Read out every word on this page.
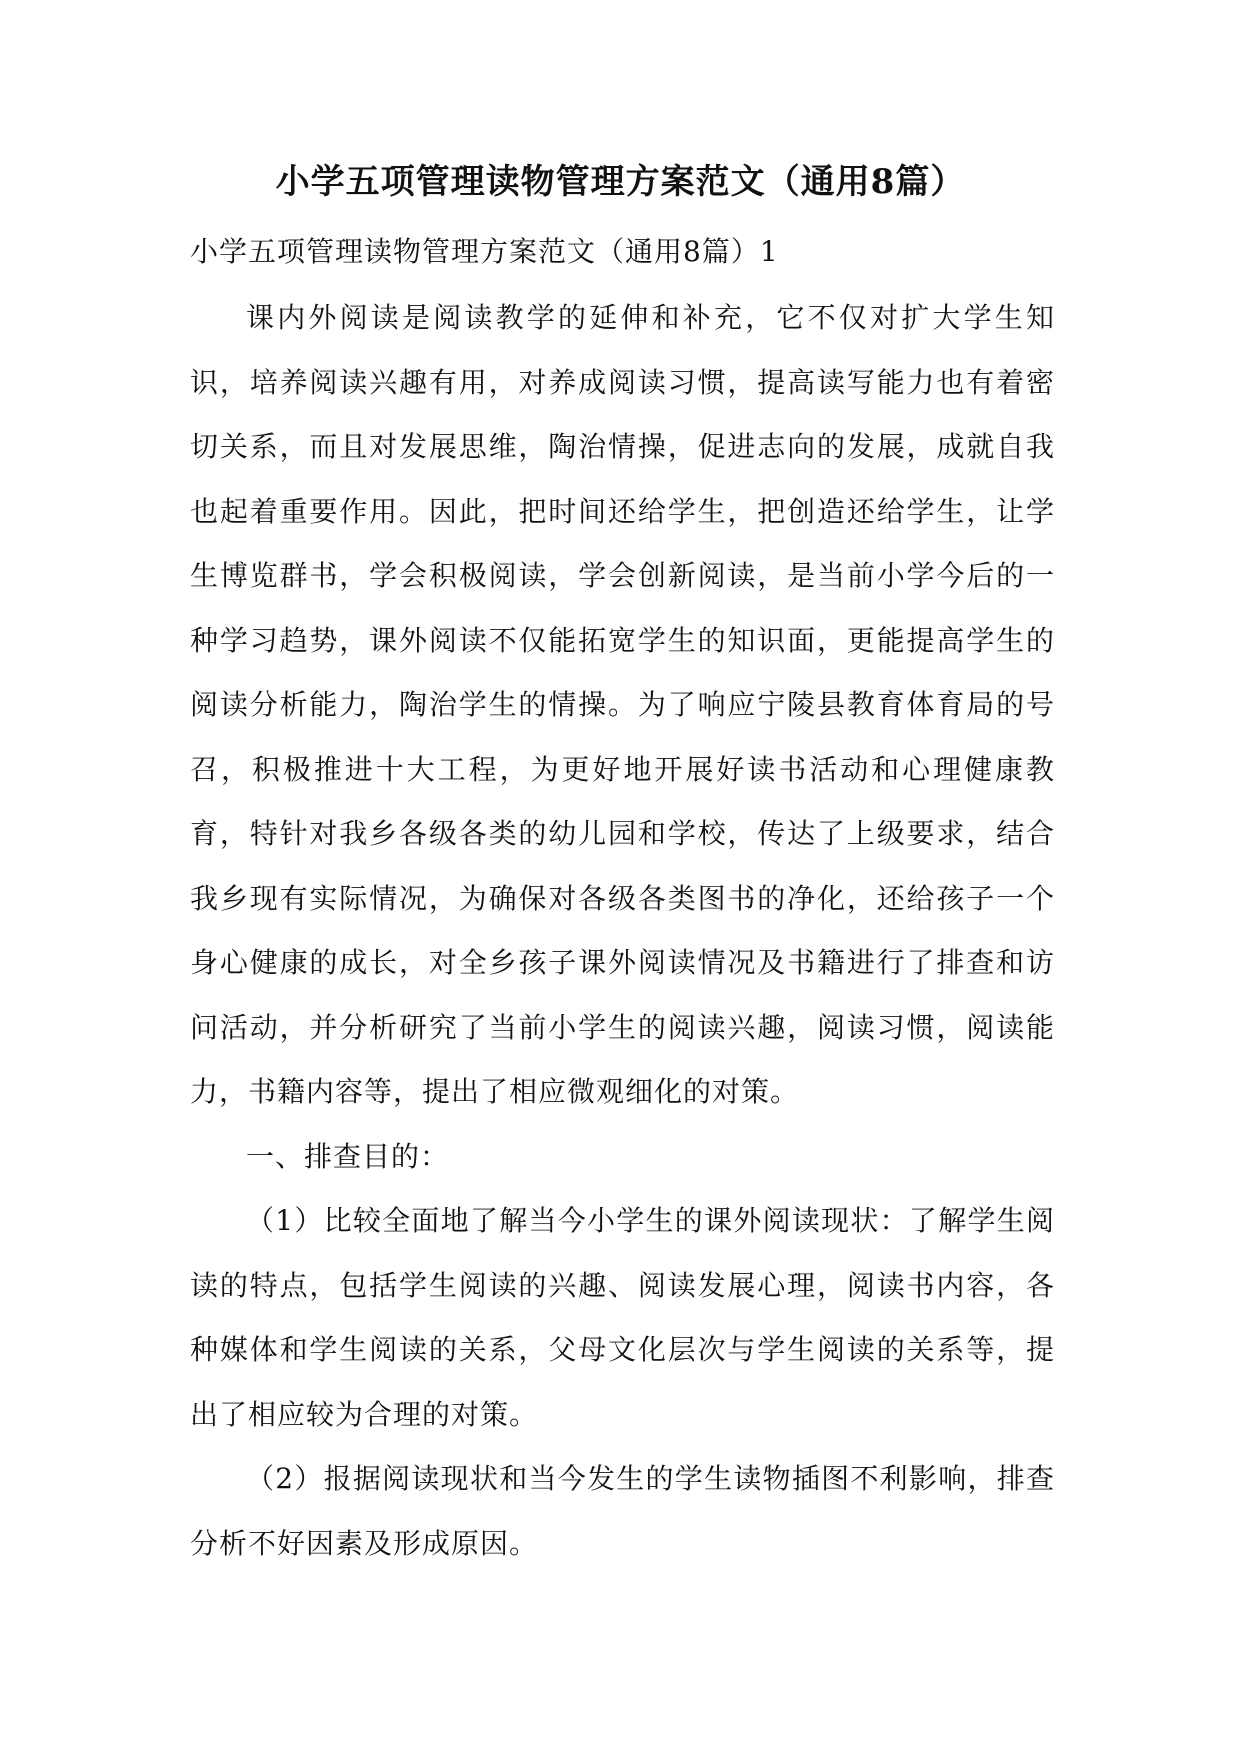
小学五项管理读物管理方案范文（通用8篇）

小学五项管理读物管理方案范文（通用8篇）1

课内外阅读是阅读教学的延伸和补充，它不仅对扩大学生知识，培养阅读兴趣有用，对养成阅读习惯，提高读写能力也有着密切关系，而且对发展思维，陶治情操，促进志向的发展，成就自我也起着重要作用。因此，把时间还给学生，把创造还给学生，让学生博览群书，学会积极阅读，学会创新阅读，是当前小学今后的一种学习趋势，课外阅读不仅能拓宽学生的知识面，更能提高学生的阅读分析能力，陶治学生的情操。为了响应宁陵县教育体育局的号召，积极推进十大工程，为更好地开展好读书活动和心理健康教育，特针对我乡各级各类的幼儿园和学校，传达了上级要求，结合我乡现有实际情况，为确保对各级各类图书的净化，还给孩子一个身心健康的成长，对全乡孩子课外阅读情况及书籍进行了排查和访问活动，并分析研究了当前小学生的阅读兴趣，阅读习惯，阅读能力，书籍内容等，提出了相应微观细化的对策。

一、排查目的：

（1）比较全面地了解当今小学生的课外阅读现状：了解学生阅读的特点，包括学生阅读的兴趣、阅读发展心理，阅读书内容，各种媒体和学生阅读的关系，父母文化层次与学生阅读的关系等，提出了相应较为合理的对策。

（2）报据阅读现状和当今发生的学生读物插图不利影响，排查分析不好因素及形成原因。
